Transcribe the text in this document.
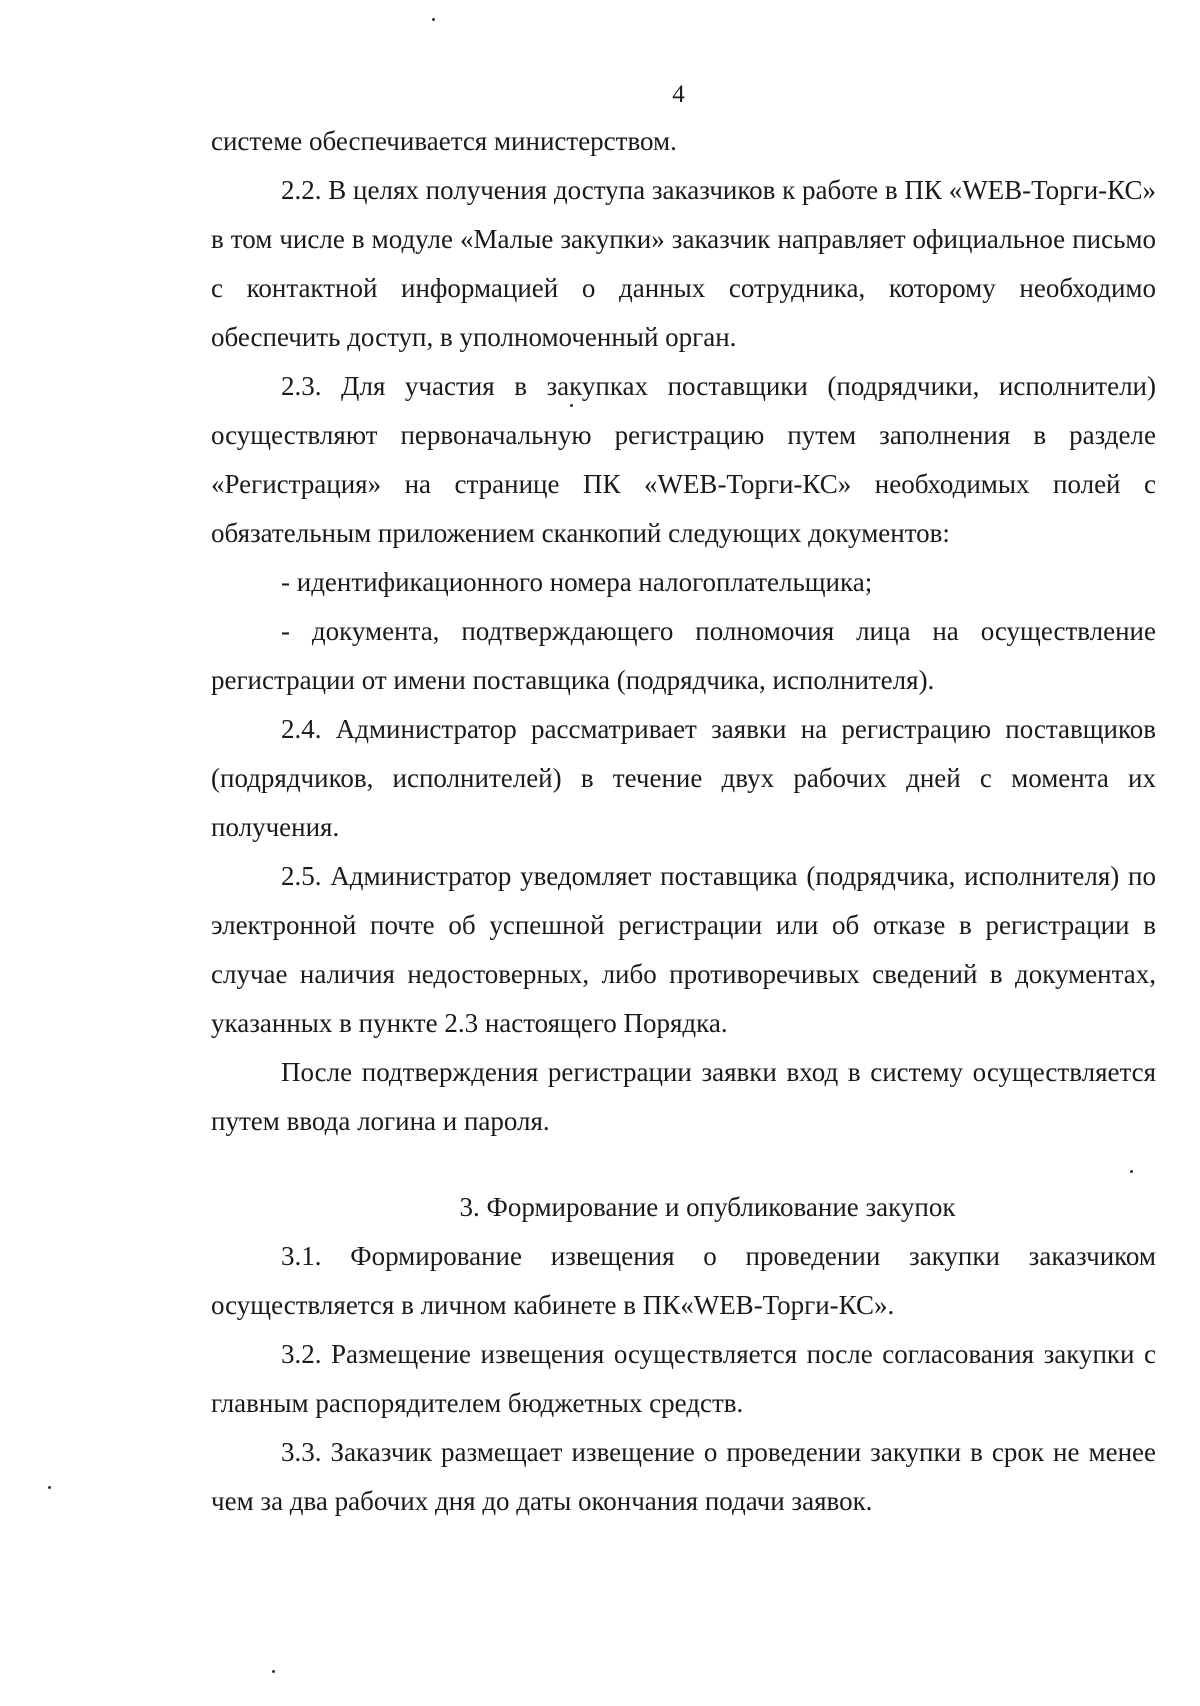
4

системе обеспечивается министерством.

2.2. В целях получения доступа заказчиков к работе в ПК «WEB-Торги-КС» в том числе в модуле «Малые закупки» заказчик направляет официальное письмо с контактной информацией о данных сотрудника, которому необходимо обеспечить доступ, в уполномоченный орган.

2.3. Для участия в закупках поставщики (подрядчики, исполнители) осуществляют первоначальную регистрацию путем заполнения в разделе «Регистрация» на странице ПК «WEB-Торги-КС» необходимых полей с обязательным приложением сканкопий следующих документов:

- идентификационного номера налогоплательщика;

- документа, подтверждающего полномочия лица на осуществление регистрации от имени поставщика (подрядчика, исполнителя).

2.4. Администратор рассматривает заявки на регистрацию поставщиков (подрядчиков, исполнителей) в течение двух рабочих дней с момента их получения.

2.5. Администратор уведомляет поставщика (подрядчика, исполнителя) по электронной почте об успешной регистрации или об отказе в регистрации в случае наличия недостоверных, либо противоречивых сведений в документах, указанных в пункте 2.3 настоящего Порядка.

После подтверждения регистрации заявки вход в систему осуществляется путем ввода логина и пароля.

3. Формирование и опубликование закупок

3.1. Формирование извещения о проведении закупки заказчиком осуществляется в личном кабинете в ПК«WEB-Торги-КС».

3.2. Размещение извещения осуществляется после согласования закупки с главным распорядителем бюджетных средств.

3.3. Заказчик размещает извещение о проведении закупки в срок не менее чем за два рабочих дня до даты окончания подачи заявок.
